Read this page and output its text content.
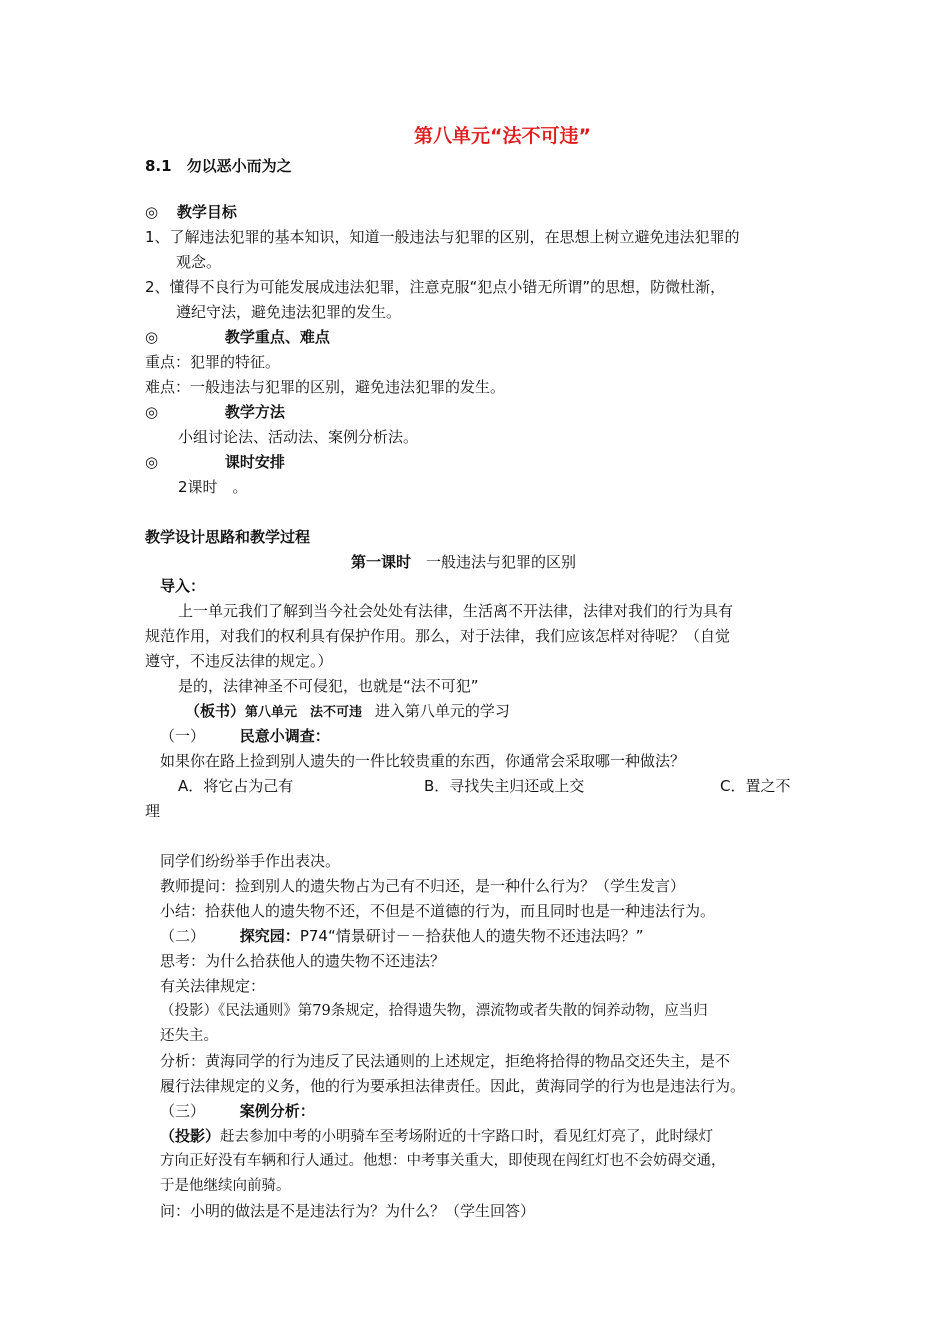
第八单元“法不可违”
8.1　勿以恶小而为之
◎ 教学目标
1、了解违法犯罪的基本知识，知道一般违法与犯罪的区别，在思想上树立避免违法犯罪的
观念。
2、懂得不良行为可能发展成违法犯罪，注意克服“犯点小错无所谓”的思想，防微杜渐，
遵纪守法，避免违法犯罪的发生。
◎	教学重点、难点
重点：犯罪的特征。
难点：一般违法与犯罪的区别，避免违法犯罪的发生。
◎	教学方法
小组讨论法、活动法、案例分析法。
◎	课时安排
2课时　。
教学设计思路和教学过程
第一课时　一般违法与犯罪的区别
导入：
上一单元我们了解到当今社会处处有法律，生活离不开法律，法律对我们的行为具有
规范作用，对我们的权利具有保护作用。那么，对于法律，我们应该怎样对待呢？（自觉
遵守，不违反法律的规定。）
是的，法律神圣不可侵犯，也就是“法不可犯”
（板书）第八单元　法不可违 进入第八单元的学习
（一） 民意小调查：
如果你在路上捡到别人遗失的一件比较贵重的东西，你通常会采取哪一种做法？
A．将它占为己有	B．寻找失主归还或上交	C．置之不
理
同学们纷纷举手作出表决。
教师提问：捡到别人的遗失物占为己有不归还，是一种什么行为？（学生发言）
小结：拾获他人的遗失物不还，不但是不道德的行为，而且同时也是一种违法行为。
（二） 探究园：P74“情景研讨－－拾获他人的遗失物不还违法吗？”
思考：为什么拾获他人的遗失物不还违法？
有关法律规定：
（投影）《民法通则》第79条规定，拾得遗失物，漂流物或者失散的饲养动物，应当归
还失主。
分析：黄海同学的行为违反了民法通则的上述规定，拒绝将拾得的物品交还失主，是不
履行法律规定的义务，他的行为要承担法律责任。因此，黄海同学的行为也是违法行为。
（三） 案例分析：
（投影）赶去参加中考的小明骑车至考场附近的十字路口时，看见红灯亮了，此时绿灯
方向正好没有车辆和行人通过。他想：中考事关重大，即使现在闯红灯也不会妨碍交通，
于是他继续向前骑。
问：小明的做法是不是违法行为？为什么？（学生回答）
